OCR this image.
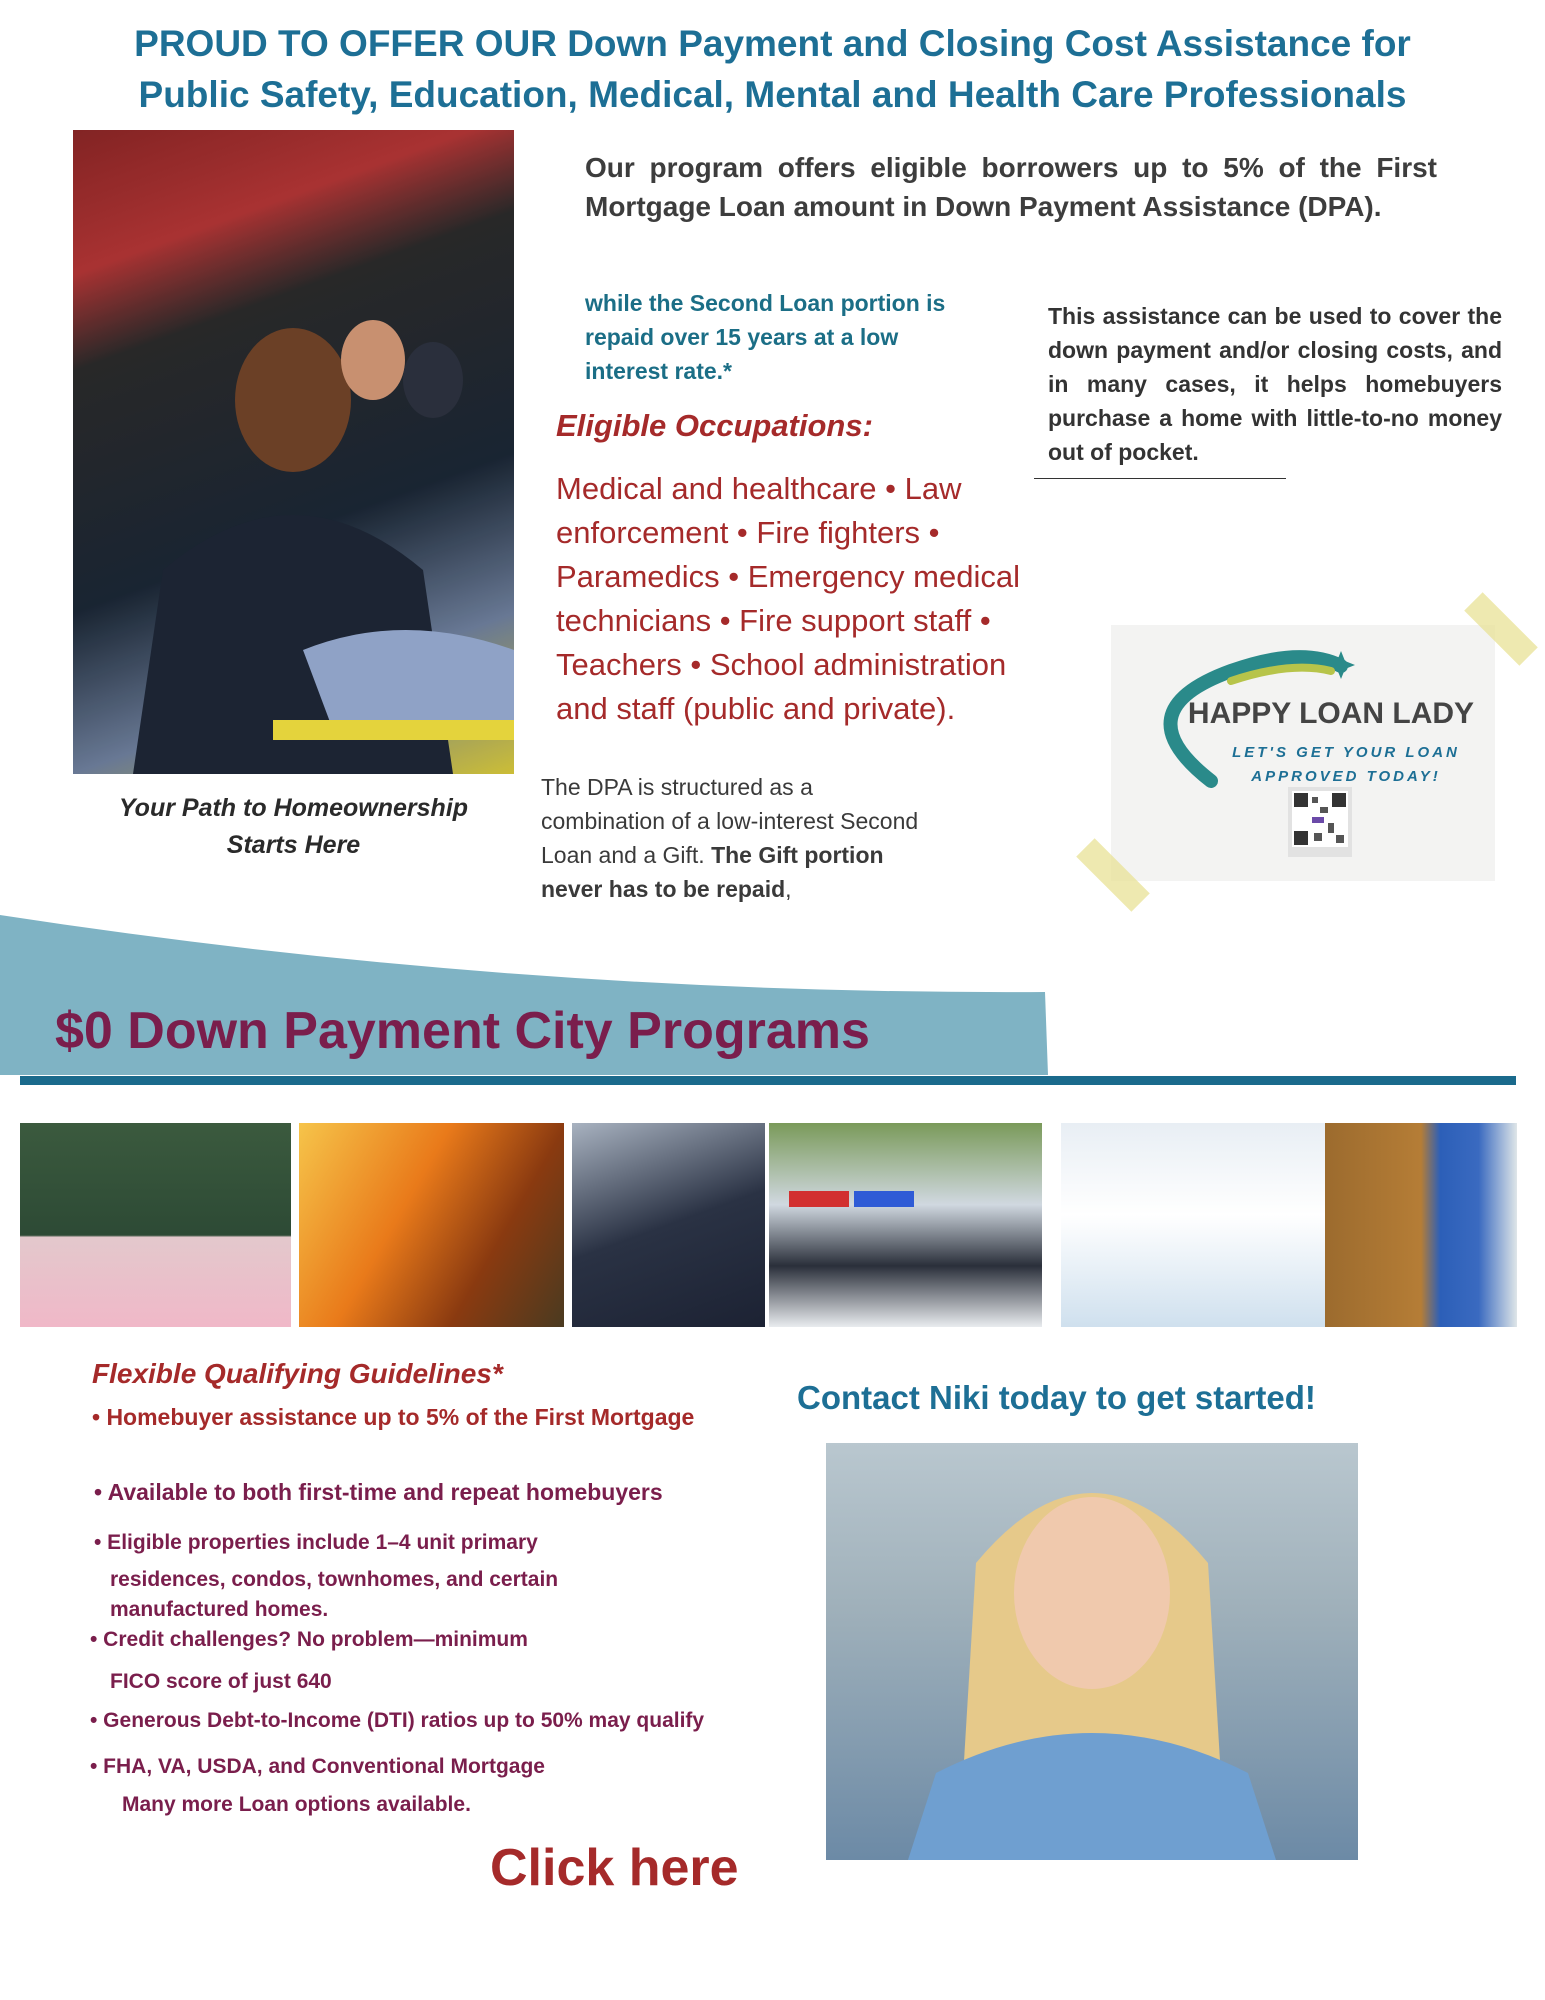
PROUD TO OFFER OUR Down Payment and Closing Cost Assistance for
Public Safety, Education, Medical, Mental and Health Care Professionals
Your Path to Homeownership
Starts Here
Our program offers eligible borrowers up to 5% of the First Mortgage Loan amount in Down Payment Assistance (DPA).
while the Second Loan portion is repaid over 15 years at a low interest rate.*
This assistance can be used to cover the down payment and/or closing costs, and in many cases, it helps homebuyers purchase a home with little-to-no money out of pocket.
Eligible Occupations:
Medical and healthcare • Law enforcement • Fire fighters • Paramedics • Emergency medical technicians • Fire support staff • Teachers • School administration and staff (public and private).
The DPA is structured as a combination of a low-interest Second Loan and a Gift. The Gift portion never has to be repaid,
HAPPY LOAN LADY
LET'S GET YOUR LOAN
APPROVED TODAY!
$0 Down Payment City Programs
Flexible Qualifying Guidelines*
• Homebuyer assistance up to 5% of the First Mortgage
• Available to both first-time and repeat homebuyers
• Eligible properties include 1–4 unit primary
residences, condos, townhomes, and certain
manufactured homes.
• Credit challenges? No problem—minimum
FICO score of just 640
• Generous Debt-to-Income (DTI) ratios up to 50% may qualify
• FHA, VA, USDA, and Conventional Mortgage
Many more Loan options available.
Contact Niki today to get started!
Click here
